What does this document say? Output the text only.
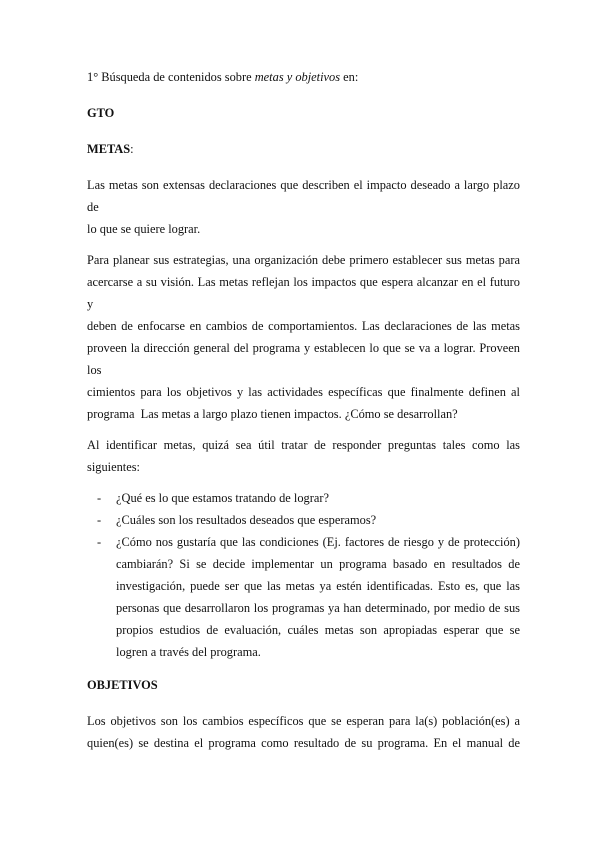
1° Búsqueda de contenidos sobre metas y objetivos en:
GTO
METAS:
Las metas son extensas declaraciones que describen el impacto deseado a largo plazo de
lo que se quiere lograr.
Para planear sus estrategias, una organización debe primero establecer sus metas para
acercarse a su visión. Las metas reflejan los impactos que espera alcanzar en el futuro y
deben de enfocarse en cambios de comportamientos. Las declaraciones de las metas
proveen la dirección general del programa y establecen lo que se va a lograr. Proveen los
cimientos para los objetivos y las actividades específicas que finalmente definen al
programa  Las metas a largo plazo tienen impactos. ¿Cómo se desarrollan?
Al identificar metas, quizá sea útil tratar de responder preguntas tales como las
siguientes:
- ¿Qué es lo que estamos tratando de lograr?
- ¿Cuáles son los resultados deseados que esperamos?
- ¿Cómo nos gustaría que las condiciones (Ej. factores de riesgo y de protección) cambiarán? Si se decide implementar un programa basado en resultados de investigación, puede ser que las metas ya estén identificadas. Esto es, que las personas que desarrollaron los programas ya han determinado, por medio de sus propios estudios de evaluación, cuáles metas son apropiadas esperar que se logren a través del programa.
OBJETIVOS
Los objetivos son los cambios específicos que se esperan para la(s) población(es) a
quien(es) se destina el programa como resultado de su programa. En el manual de
